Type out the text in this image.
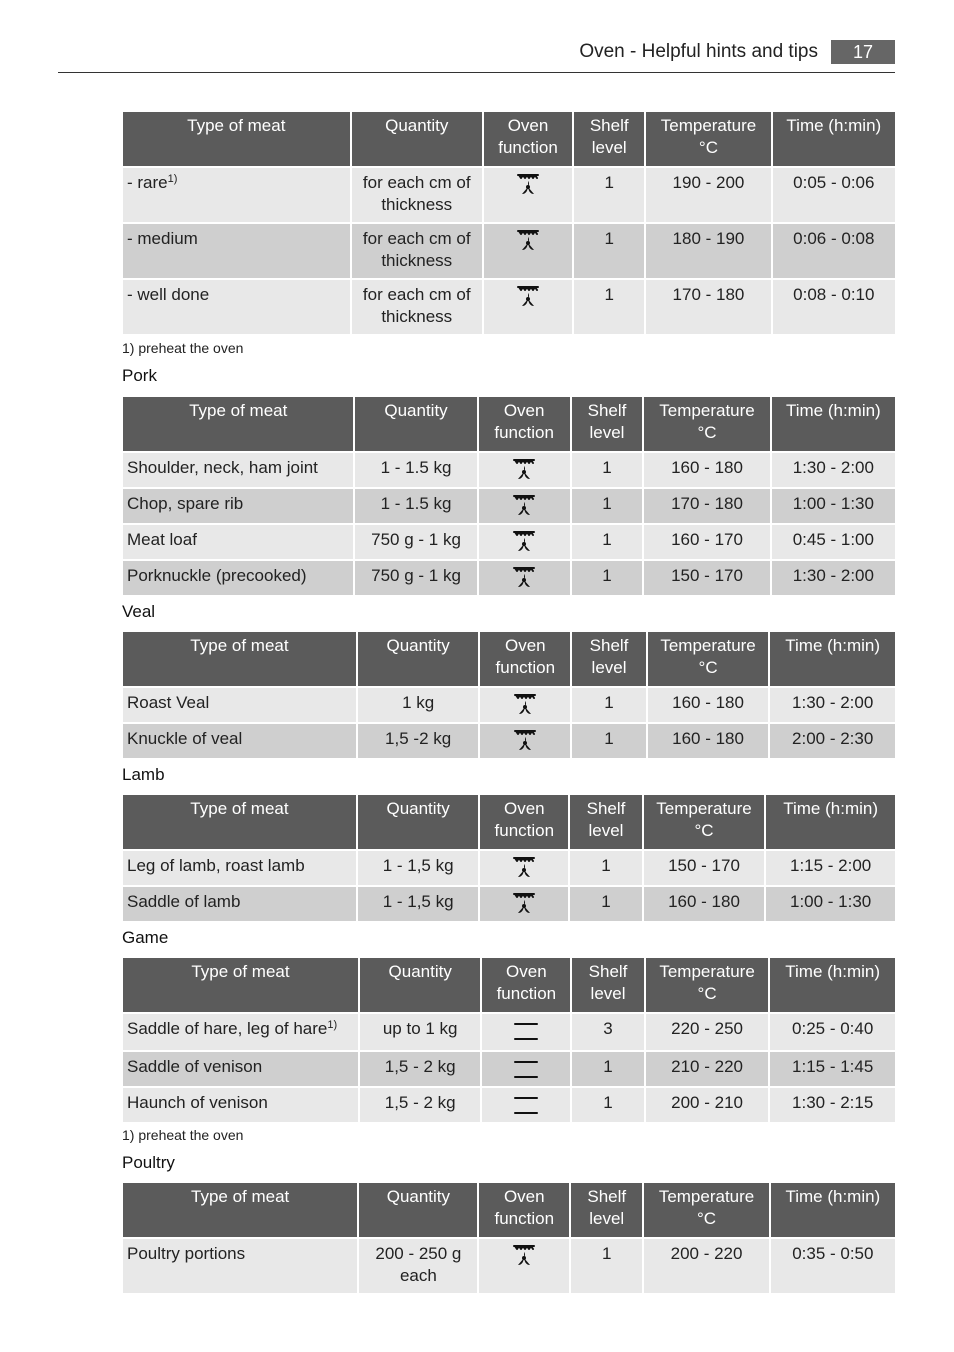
Oven - Helpful hints and tips	17
Type of meat	Quantity	Oven function	Shelf level	Temperature °C	Time (h:min)
- rare$^{1)}$	for each cm of thickness		1	190 - 200	0:05 - 0:06
- medium	for each cm of thickness		1	180 - 190	0:06 - 0:08
- well done	for each cm of thickness		1	170 - 180	0:08 - 0:10
1) preheat the oven
Pork
Type of meat	Quantity	Oven function	Shelf level	Temperature °C	Time (h:min)
Shoulder, neck, ham joint	1 - 1.5 kg		1	160 - 180	1:30 - 2:00
Chop, spare rib	1 - 1.5 kg		1	170 - 180	1:00 - 1:30
Meat loaf	750 g - 1 kg		1	160 - 170	0:45 - 1:00
Porknuckle (precooked)	750 g - 1 kg		1	150 - 170	1:30 - 2:00
Veal
Type of meat	Quantity	Oven function	Shelf level	Temperature °C	Time (h:min)
Roast Veal	1 kg		1	160 - 180	1:30 - 2:00
Knuckle of veal	1,5 -2 kg		1	160 - 180	2:00 - 2:30
Lamb
Type of meat	Quantity	Oven function	Shelf level	Temperature °C	Time (h:min)
Leg of lamb, roast lamb	1 - 1,5 kg		1	150 - 170	1:15 - 2:00
Saddle of lamb	1 - 1,5 kg		1	160 - 180	1:00 - 1:30
Game
Type of meat	Quantity	Oven function	Shelf level	Temperature °C	Time (h:min)
Saddle of hare, leg of hare$^{1)}$	up to 1 kg		3	220 - 250	0:25 - 0:40
Saddle of venison	1,5 - 2 kg		1	210 - 220	1:15 - 1:45
Haunch of venison	1,5 - 2 kg		1	200 - 210	1:30 - 2:15
1) preheat the oven
Poultry
Type of meat	Quantity	Oven function	Shelf level	Temperature °C	Time (h:min)
Poultry portions	200 - 250 g each		1	200 - 220	0:35 - 0:50
